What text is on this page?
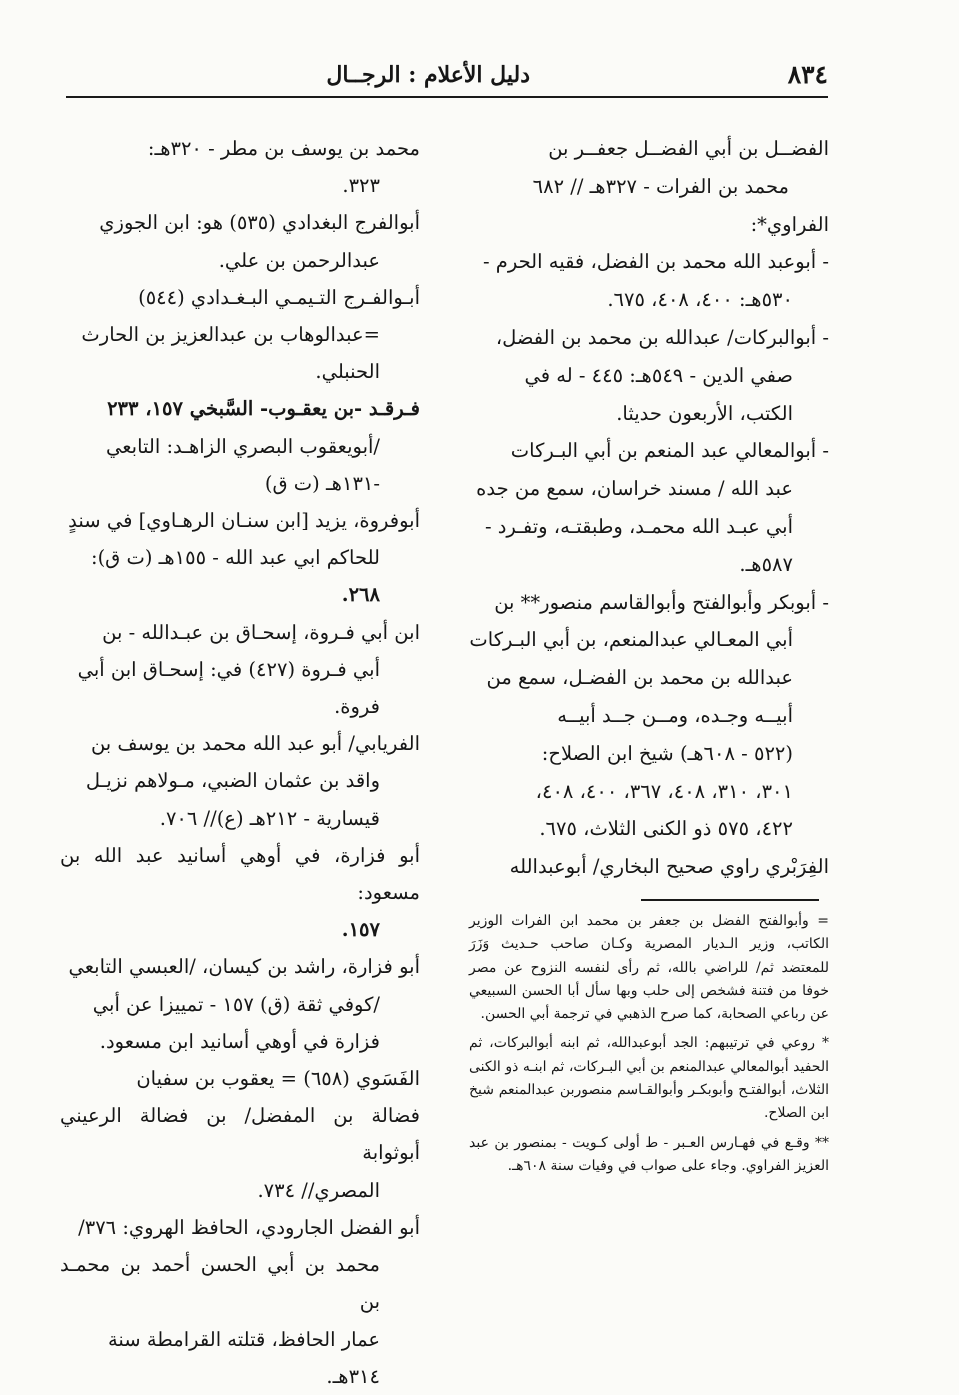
٨٣٤
دليل الأعلام : الرجــال
الفضــل بن أبي الفضــل جعفــر بن
محمد بن الفرات - ٣٢٧هـ // ٦٨٢
الفراوي*:
- أبوعبد الله محمد بن الفضل، فقيه الحرم -
٥٣٠هـ: ٤٠٠، ٤٠٨، ٦٧٥.
- أبوالبركات/ عبدالله بن محمد بن الفضل،
صفي الدين - ٥٤٩هـ: ٤٤٥ - له في
الكتب، الأربعون حديثا.
- أبوالمعالي عبد المنعم بن أبي البـركات
عبد الله / مسند خراسان، سمع من جده
أبي عبـد الله محمـد، وطبقتـه، وتفـرد -
٥٨٧هـ.
- أبوبكر وأبوالفتح وأبوالقاسم منصور** بن
أبي المعـالي عبدالمنعم، بن أبي البـركات
عبدالله بن محمد بن الفضـل، سمع من
أبيــه وجـده، ومــن جــد أبيــه
(٥٢٢ - ٦٠٨هـ) شيخ ابن الصلاح:
٣٠١، ٣١٠، ٤٠٨، ٣٦٧، ٤٠٠، ٤٠٨،
٤٢٢، ٥٧٥ ذو الكنى الثلاث، ٦٧٥.
الفِرَبْري راوي صحيح البخاري/ أبوعبدالله
محمد بن يوسف بن مطر - ٣٢٠هـ:
٣٢٣.
أبوالفرج البغدادي (٥٣٥) هو: ابن الجوزي
عبدالرحمن بن علي.
أبـوالفـرج التـيمـي البـغـدادي (٥٤٤)
=عبدالوهاب بن عبدالعزيز بن الحارث
الحنبلي.
فـرقـد -بن يعقـوب- السَّبخي ١٥٧، ٢٣٣
/أبويعقوب البصري الزاهـد: التابعي
-١٣١هـ (ت ق)
أبوفروة، يزيد [ابن سنـان الرهـاوي] في سندٍ
للحاكم ابي عبد الله - ١٥٥هـ (ت ق):
٢٦٨.
ابن أبي فـروة، إسحـاق بن عبـدالله - بن
أبي فـروة (٤٢٧) في: إسحـاق ابن أبي
فروة.
الفريابي/ أبو عبد الله محمد بن يوسف بن
واقد بن عثمان الضبي، مـولاهم نزيـل
قيسارية - ٢١٢هـ (ع)// ٧٠٦.
أبو فزارة، في أوهي أسانيد عبد الله بن مسعود:
١٥٧.
أبو فزارة، راشد بن كيسان، /العبسي التابعي
/كوفي ثقة (ق) ١٥٧ - تمييزا عن أبي
فزارة في أوهي أسانيد ابن مسعود.
الفَسَوي (٦٥٨) = يعقوب بن سفيان
فضالة بن المفضل/ بن فضالة الرعيني أبوثوابة
المصري// ٧٣٤.
أبو الفضل الجارودي، الحافظ الهروي: ٣٧٦/
محمد بن أبي الحسن أحمد بن محمـد بن
عمار الحافظ، قتلته القرامطة سنة
٣١٤هـ.

= وأبوالفتح الفضل بن جعفر بن محمد ابن الفرات الوزير الكاتب، وزير الـديار المصرية وكـان صاحب حـديث وَزَرَ للمعتضد ثم/ للراضي بالله، ثم رأى لنفسه النزوح عن مصر خوفا من فتنة فشخص إلى حلب وبها سأل أبا الحسن السبيعي عن رباعي الصحابة، كما صرح الذهبي في ترجمة أبي الحسن.

* روعي في ترتيبهم: الجد أبوعبدالله، ثم ابنه أبوالبركات، ثم الحفيد أبوالمعالي عبدالمنعم بن أبي البـركات، ثم ابنـه ذو الكنى الثلاث، أبوالفتـح وأبوبكـر وأبوالقـاسم منصوربن عبدالمنعم شيخ ابن الصلاح.

** وقـع في فهـارس العـبر - ط أولى كـويت - بمنصور بن عبد العزيز الفراوي. وجاء على صواب في وفيات سنة ٦٠٨هـ.
